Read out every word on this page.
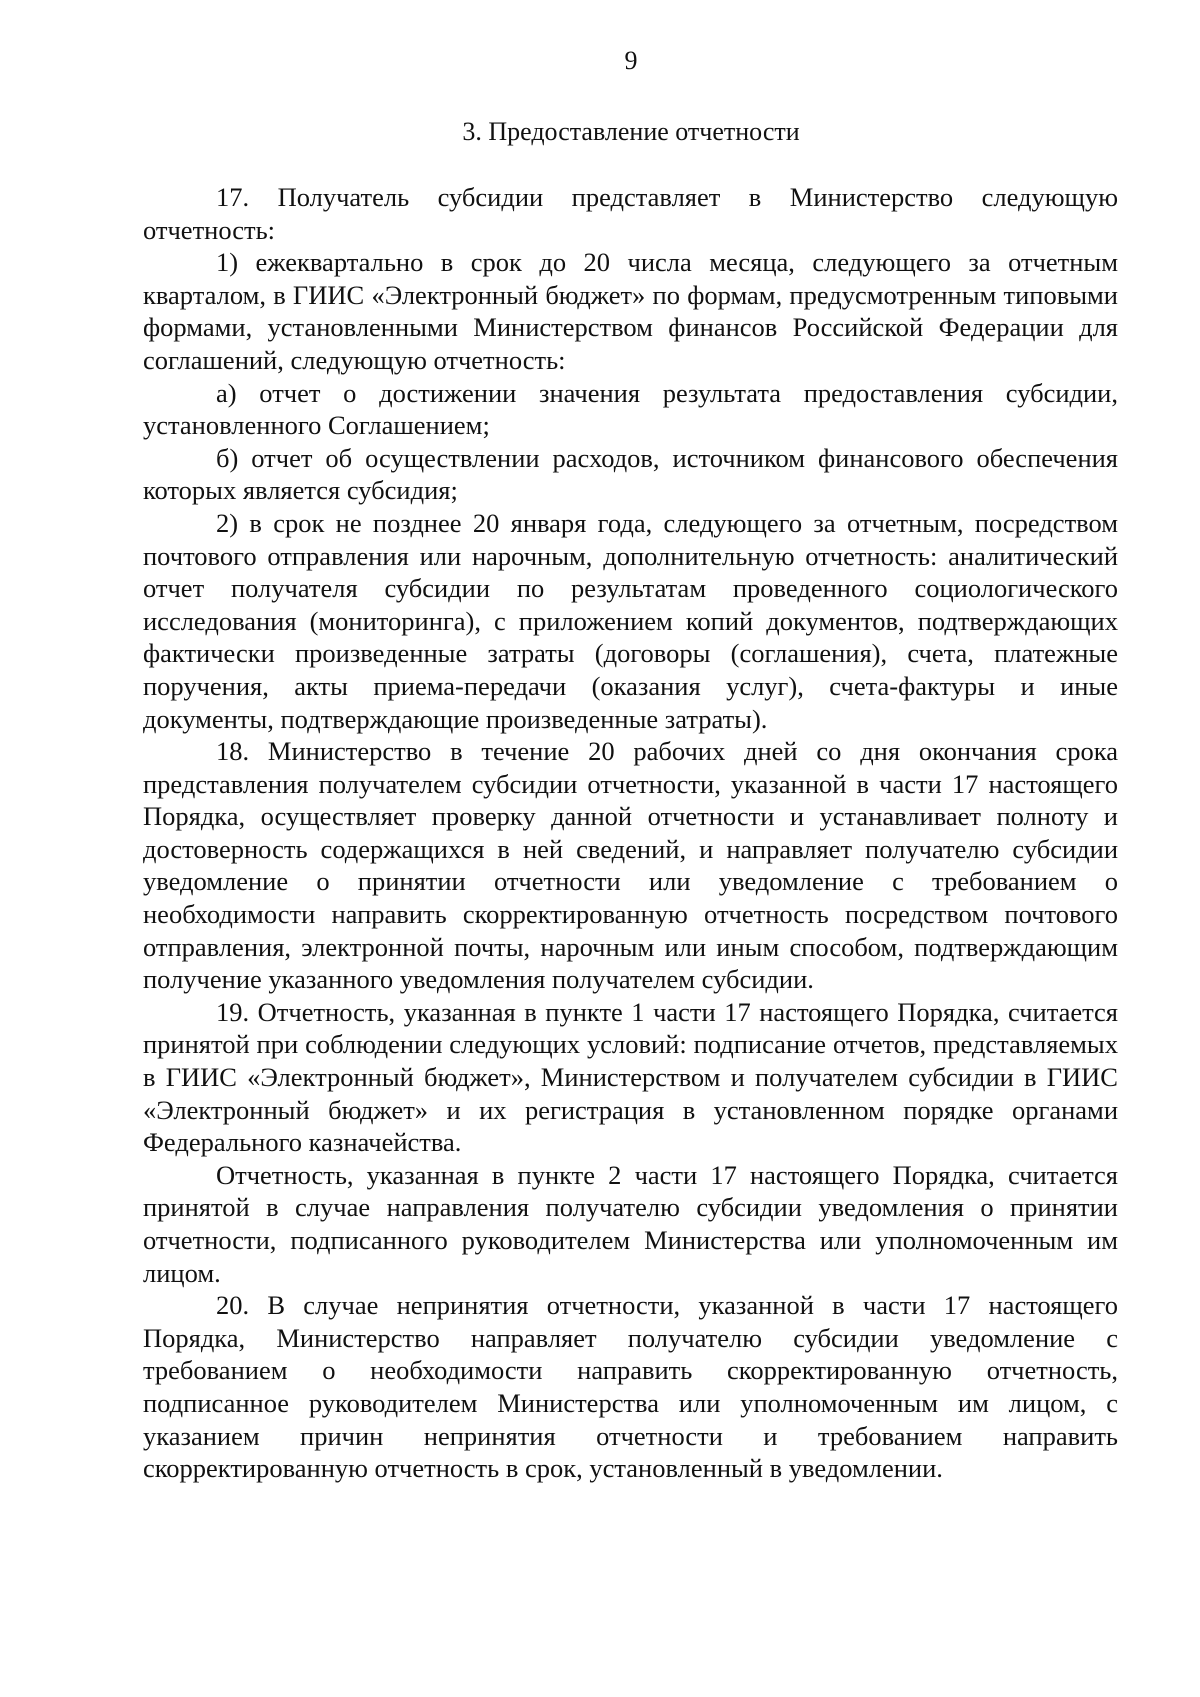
9
3. Предоставление отчетности

17. Получатель субсидии представляет в Министерство следующую отчетность:

1) ежеквартально в срок до 20 числа месяца, следующего за отчетным кварталом, в ГИИС «Электронный бюджет» по формам, предусмотренным типовыми формами, установленными Министерством финансов Российской Федерации для соглашений, следующую отчетность:

а) отчет о достижении значения результата предоставления субсидии, установленного Соглашением;

б) отчет об осуществлении расходов, источником финансового обеспечения которых является субсидия;

2) в срок не позднее 20 января года, следующего за отчетным, посредством почтового отправления или нарочным, дополнительную отчетность: аналитический отчет получателя субсидии по результатам проведенного социологического исследования (мониторинга), с приложением копий документов, подтверждающих фактически произведенные затраты (договоры (соглашения), счета, платежные поручения, акты приема-передачи (оказания услуг), счета-фактуры и иные документы, подтверждающие произведенные затраты).

18. Министерство в течение 20 рабочих дней со дня окончания срока представления получателем субсидии отчетности, указанной в части 17 настоящего Порядка, осуществляет проверку данной отчетности и устанавливает полноту и достоверность содержащихся в ней сведений, и направляет получателю субсидии уведомление о принятии отчетности или уведомление с требованием о необходимости направить скорректированную отчетность посредством почтового отправления, электронной почты, нарочным или иным способом, подтверждающим получение указанного уведомления получателем субсидии.

19. Отчетность, указанная в пункте 1 части 17 настоящего Порядка, считается принятой при соблюдении следующих условий: подписание отчетов, представляемых в ГИИС «Электронный бюджет», Министерством и получателем субсидии в ГИИС «Электронный бюджет» и их регистрация в установленном порядке органами Федерального казначейства.

Отчетность, указанная в пункте 2 части 17 настоящего Порядка, считается принятой в случае направления получателю субсидии уведомления о принятии отчетности, подписанного руководителем Министерства или уполномоченным им лицом.

20. В случае непринятия отчетности, указанной в части 17 настоящего Порядка, Министерство направляет получателю субсидии уведомление с требованием о необходимости направить скорректированную отчетность, подписанное руководителем Министерства или уполномоченным им лицом, с указанием причин непринятия отчетности и требованием направить скорректированную отчетность в срок, установленный в уведомлении.
